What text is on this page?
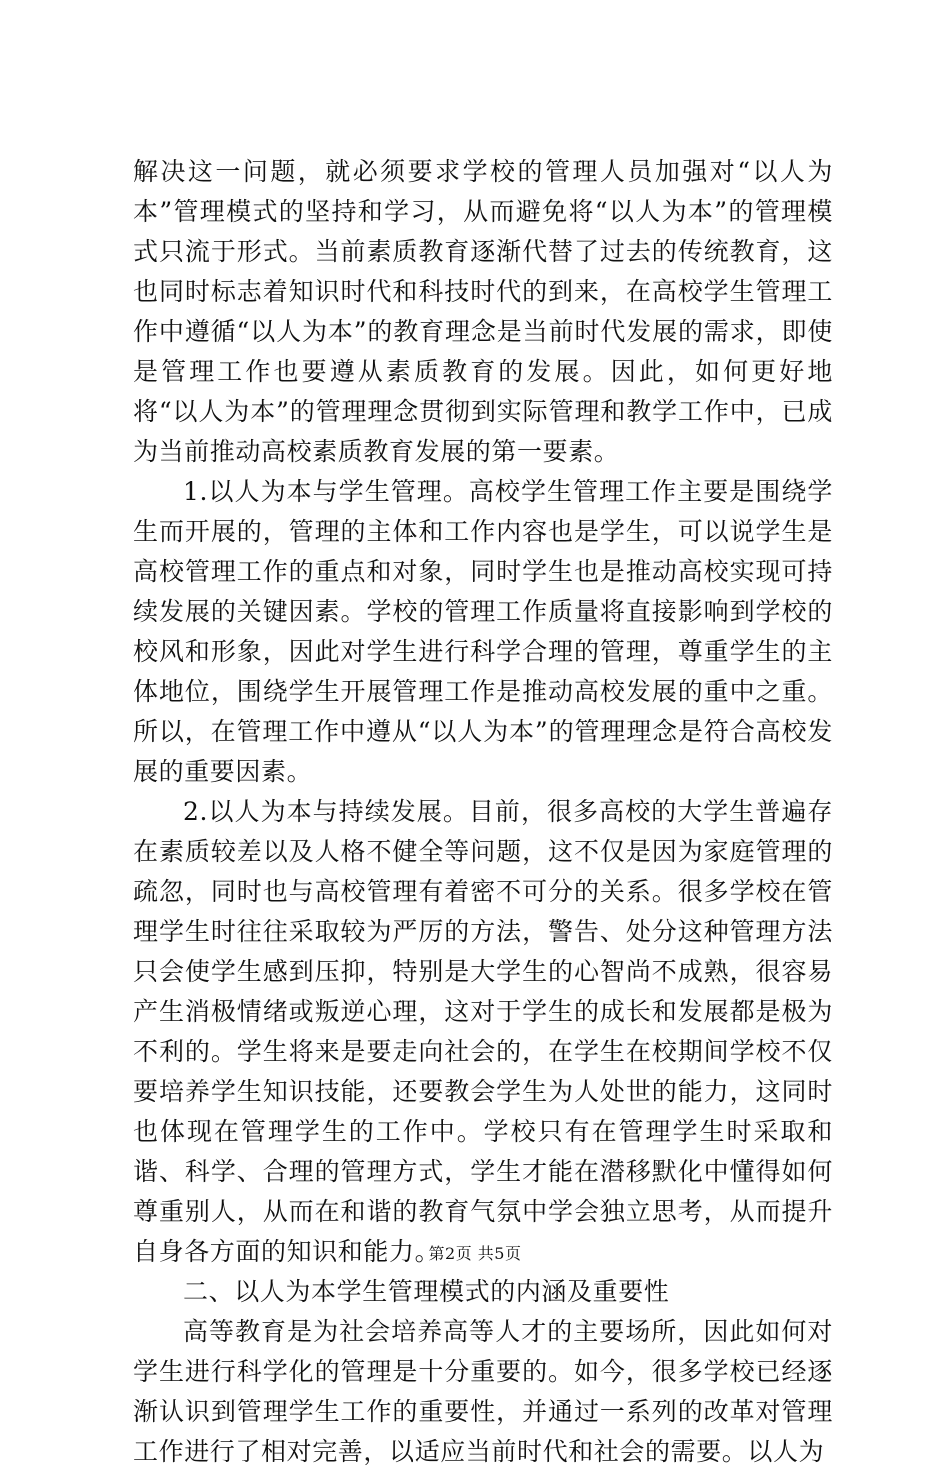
解决这一问题，就必须要求学校的管理人员加强对“以人为本”管理模式的坚持和学习，从而避免将“以人为本”的管理模式只流于形式。当前素质教育逐渐代替了过去的传统教育，这也同时标志着知识时代和科技时代的到来，在高校学生管理工作中遵循“以人为本”的教育理念是当前时代发展的需求，即使是管理工作也要遵从素质教育的发展。因此，如何更好地将“以人为本”的管理理念贯彻到实际管理和教学工作中，已成为当前推动高校素质教育发展的第一要素。

1.以人为本与学生管理。高校学生管理工作主要是围绕学生而开展的，管理的主体和工作内容也是学生，可以说学生是高校管理工作的重点和对象，同时学生也是推动高校实现可持续发展的关键因素。学校的管理工作质量将直接影响到学校的校风和形象，因此对学生进行科学合理的管理，尊重学生的主体地位，围绕学生开展管理工作是推动高校发展的重中之重。所以，在管理工作中遵从“以人为本”的管理理念是符合高校发展的重要因素。

2.以人为本与持续发展。目前，很多高校的大学生普遍存在素质较差以及人格不健全等问题，这不仅是因为家庭管理的疏忽，同时也与高校管理有着密不可分的关系。很多学校在管理学生时往往采取较为严厉的方法，警告、处分这种管理方法只会使学生感到压抑，特别是大学生的心智尚不成熟，很容易产生消极情绪或叛逆心理，这对于学生的成长和发展都是极为不利的。学生将来是要走向社会的，在学生在校期间学校不仅要培养学生知识技能，还要教会学生为人处世的能力，这同时也体现在管理学生的工作中。学校只有在管理学生时采取和谐、科学、合理的管理方式，学生才能在潜移默化中懂得如何尊重别人，从而在和谐的教育气氛中学会独立思考，从而提升自身各方面的知识和能力。

二、以人为本学生管理模式的内涵及重要性

高等教育是为社会培养高等人才的主要场所，因此如何对学生进行科学化的管理是十分重要的。如今，很多学校已经逐渐认识到管理学生工作的重要性，并通过一系列的改革对管理工作进行了相对完善，以适应当前时代和社会的需要。以人为

第2页 共5页
